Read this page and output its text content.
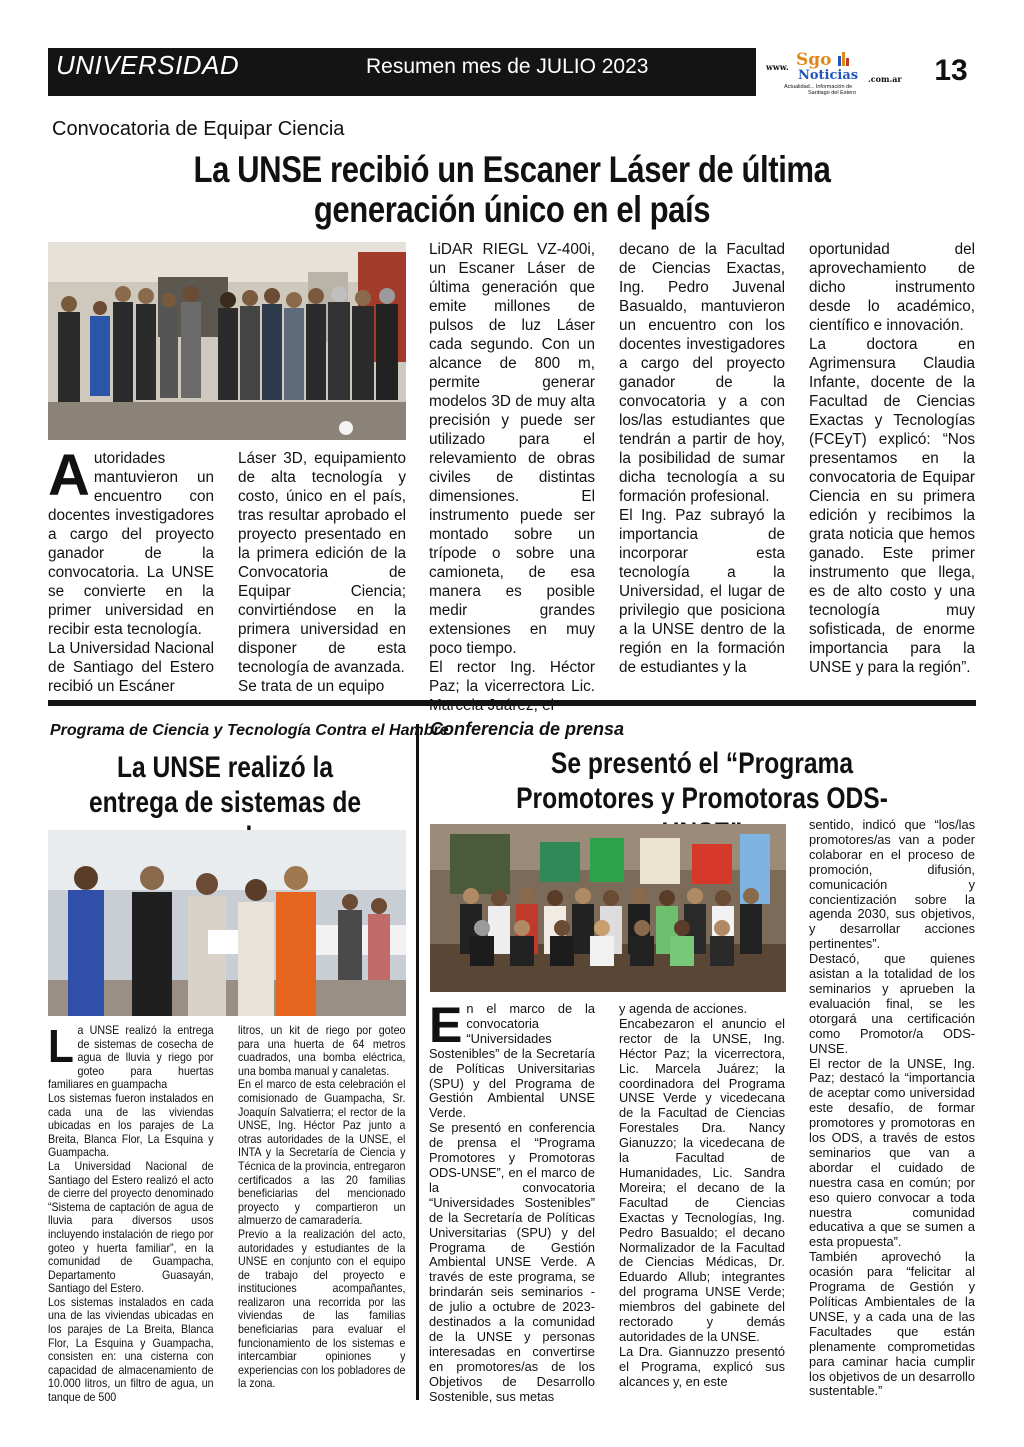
UNIVERSIDAD	Resumen mes de JULIO 2023	www. Sgo
Noticias .com.ar
Actualidad... Información de
Santiago del Estero
13
Convocatoria de Equipar Ciencia
La UNSE recibió un Escaner Láser de última generación único en el país
A utoridades mantuvieron un encuentro con docentes investigadores a cargo del proyecto ganador de la convocatoria. La UNSE se convierte en la primer universidad en recibir esta tecnología.

La Universidad Nacional de Santiago del Estero recibió un Escáner

Láser 3D, equipamiento de alta tecnología y costo, único en el país, tras resultar aprobado el proyecto presentado en la primera edición de la Convocatoria de Equipar Ciencia; convirtiéndose en la primera universidad en disponer de esta tecnología de avanzada.

Se trata de un equipo

LiDAR RIEGL VZ-400i, un Escaner Láser de última generación que emite millones de pulsos de luz Láser cada segundo. Con un alcance de 800 m, permite generar modelos 3D de muy alta precisión y puede ser utilizado para el relevamiento de obras civiles de distintas dimensiones. El instrumento puede ser montado sobre un trípode o sobre una camioneta, de esa manera es posible medir grandes extensiones en muy poco tiempo.

El rector Ing. Héctor Paz; la vicerrectora Lic.

decano de la Facultad de Ciencias Exactas, Ing. Pedro Juvenal Basualdo, mantuvieron un encuentro con los docentes investigadores a cargo del proyecto ganador de la convocatoria y a con los/las estudiantes que tendrán a partir de hoy, la posibilidad de sumar dicha tecnología a su formación profesional.

El Ing. Paz subrayó la importancia de incorporar esta tecnología a la Universidad, el lugar de privilegio que posiciona a la UNSE dentro de la región en la formación de estudiantes y la

oportunidad del aprovechamiento de dicho instrumento desde lo académico, científico e innovación.

La doctora en Agrimensura Claudia Infante, docente de la Facultad de Ciencias Exactas y Tecnologías (FCEyT) explicó: “Nos presentamos en la convocatoria de Equipar Ciencia en su primera edición y recibimos la grata noticia que hemos ganado. Este primer instrumento que llega, es de alto costo y una tecnología muy sofisticada, de enorme importancia para la UNSE y para la región”.

Programa de Ciencia y Tecnología Contra el Hambre
La UNSE realizó la entrega de sistemas de
L a UNSE realizó la entrega de sistemas de cosecha de agua de lluvia y riego por goteo para huertas familiares en guampacha

Los sistemas fueron instalados en cada una de las viviendas ubicadas en los parajes de La Breita, Blanca Flor, La Esquina y Guampacha.

La Universidad Nacional de Santiago del Estero realizó el acto de cierre del proyecto denominado “Sistema de captación de agua de lluvia para diversos usos incluyendo instalación de riego por goteo y huerta familiar”, en la comunidad de Guampacha, Departamento Guasayán, Santiago del Estero.

Los sistemas instalados en cada una de las viviendas ubicadas en los parajes de La Breita, Blanca Flor, La Esquina y Guampacha, consisten en: una cisterna con capacidad de almacenamiento de 10.000 litros, un filtro de agua, un tanque de 500

litros, un kit de riego por goteo para una huerta de 64 metros cuadrados, una bomba eléctrica, una bomba manual y canaletas.

En el marco de esta celebración el comisionado de Guampacha, Sr. Joaquín Salvatierra; el rector de la UNSE, Ing. Héctor Paz junto a otras autoridades de la UNSE, el INTA y la Secretaría de Ciencia y Técnica de la provincia, entregaron certificados a las 20 familias beneficiarias del mencionado proyecto y compartieron un almuerzo de camaradería.

Previo a la realización del acto, autoridades y estudiantes de la UNSE en conjunto con el equipo de trabajo del proyecto e instituciones acompañantes, realizaron una recorrida por las viviendas de las familias beneficiarias para evaluar el funcionamiento de los sistemas e intercambiar opiniones y experiencias con los pobladores de la zona.

Conferencia de prensa
Se presentó el “Programa Promotores y Promotoras ODS-
E n el marco de la convocatoria “Universidades Sostenibles” de la Secretaría de Políticas Universitarias (SPU) y del Programa de Gestión Ambiental UNSE Verde.

Se presentó en conferencia de prensa el “Programa Promotores y Promotoras ODS-UNSE”, en el marco de la convocatoria “Universidades Sostenibles” de la Secretaría de Políticas Universitarias (SPU) y del Programa de Gestión Ambiental UNSE Verde. A través de este programa, se brindarán seis seminarios - de julio a octubre de 2023- destinados a la comunidad de la UNSE y personas interesadas en convertirse en promotores/as de los Objetivos de Desarrollo Sostenible, sus metas

y agenda de acciones.

Encabezaron el anuncio el rector de la UNSE, Ing. Héctor Paz; la vicerrectora, Lic. Marcela Juárez; la coordinadora del Programa UNSE Verde y vicedecana de la Facultad de Ciencias Forestales Dra. Nancy Gianuzzo; la vicedecana de la Facultad de Humanidades, Lic. Sandra Moreira; el decano de la Facultad de Ciencias Exactas y Tecnologías, Ing. Pedro Basualdo; el decano Normalizador de la Facultad de Ciencias Médicas, Dr. Eduardo Allub; integrantes del programa UNSE Verde; miembros del gabinete del rectorado y demás autoridades de la UNSE.

La Dra. Giannuzzo presentó el Programa, explicó sus alcances y, en este

sentido, indicó que “los/las promotores/as van a poder colaborar en el proceso de promoción, difusión, comunicación y concientización sobre la agenda 2030, sus objetivos, y desarrollar acciones pertinentes”.

Destacó, que quienes asistan a la totalidad de los seminarios y aprueben la evaluación final, se les otorgará una certificación como Promotor/a ODS-UNSE.

El rector de la UNSE, Ing. Paz; destacó la “importancia de aceptar como universidad este desafío, de formar promotores y promotoras en los ODS, a través de estos seminarios que van a abordar el cuidado de nuestra casa en común; por eso quiero convocar a toda nuestra comunidad educativa a que se sumen a esta propuesta”.

También aprovechó la ocasión para “felicitar al Programa de Gestión y Políticas Ambientales de la UNSE, y a cada una de las Facultades que están plenamente comprometidas para caminar hacia cumplir los objetivos de un desarrollo sustentable.”
